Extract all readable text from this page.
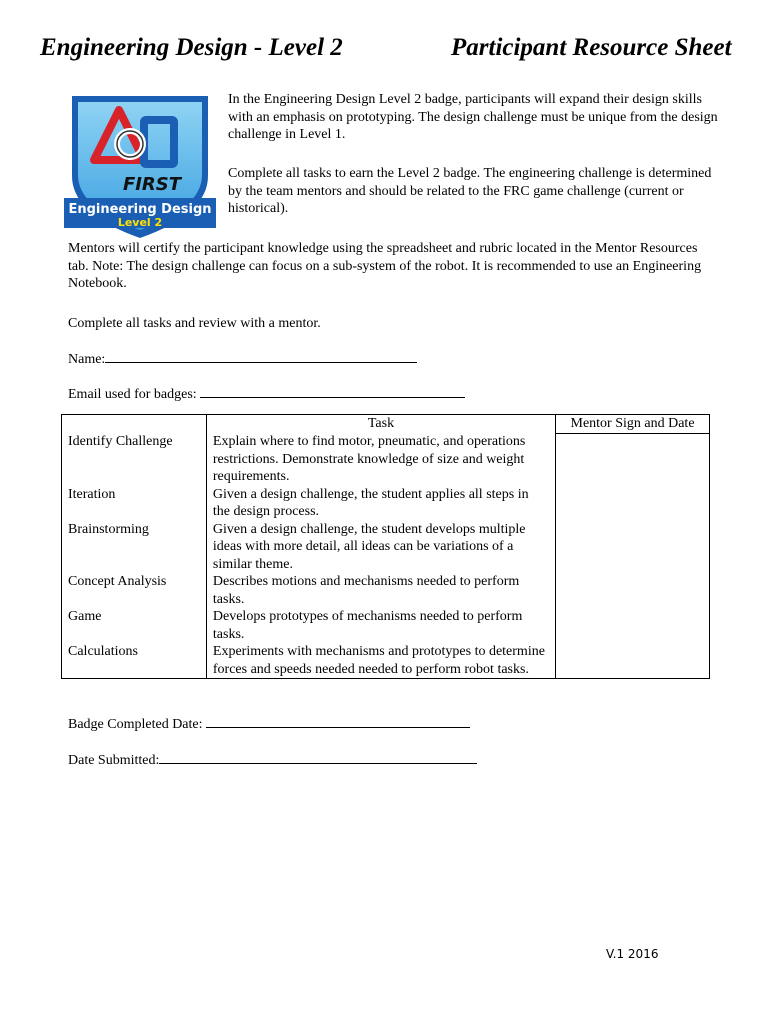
Engineering Design - Level 2	Participant Resource Sheet
FIRST
Engineering Design
Level 2

In the Engineering Design Level 2 badge, participants will expand their design skills with an emphasis on prototyping. The design challenge must be unique from the design challenge in Level 1.

Complete all tasks to earn the Level 2 badge. The engineering challenge is determined by the team mentors and should be related to the FRC game challenge (current or historical).

Mentors will certify the participant knowledge using the spreadsheet and rubric located in the Mentor Resources tab. Note: The design challenge can focus on a sub-system of the robot. It is recommended to use an Engineering Notebook.

Complete all tasks and review with a mentor.

Name:
Email used for badges:
	Task	Mentor Sign and Date
Identify Challenge	Explain where to find motor, pneumatic, and operations restrictions. Demonstrate knowledge of size and weight requirements.	
Iteration	Given a design challenge, the student applies all steps in the design process.	
Brainstorming	Given a design challenge, the student develops multiple ideas with more detail, all ideas can be variations of a similar theme.	
Concept Analysis	Describes motions and mechanisms needed to perform tasks.	
Game	Develops prototypes of mechanisms needed to perform tasks.	
Calculations	Experiments with mechanisms and prototypes to determine forces and speeds needed needed to perform robot tasks.	
Badge Completed Date:
Date Submitted:
V.1 2016
